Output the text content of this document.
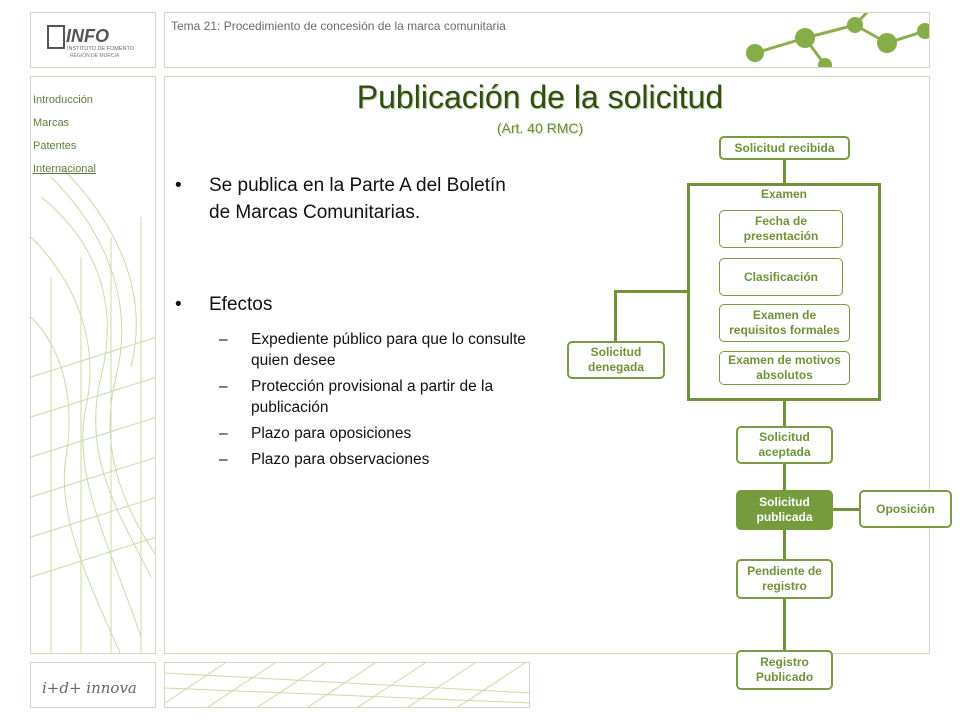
INFO
INSTITUTO DE FOMENTO
REGIÓN DE MURCIA
i+d+ innova
Tema 21: Procedimiento de concesión de la marca comunitaria
Introducción
Marcas
Patentes
Internacional
Publicación de la solicitud
(Art. 40 RMC)
•	Se publica en la Parte A del Boletín de Marcas Comunitarias.
•	Efectos
– Expediente público para que lo consulte quien desee
– Protección provisional a partir de la publicación
– Plazo para oposiciones
– Plazo para observaciones
Solicitud recibida
Examen
Fecha de presentación
Clasificación
Examen de requisitos formales
Examen de motivos absolutos
Solicitud denegada
Solicitud aceptada
Solicitud publicada
Oposición
Pendiente de registro
Registro Publicado
